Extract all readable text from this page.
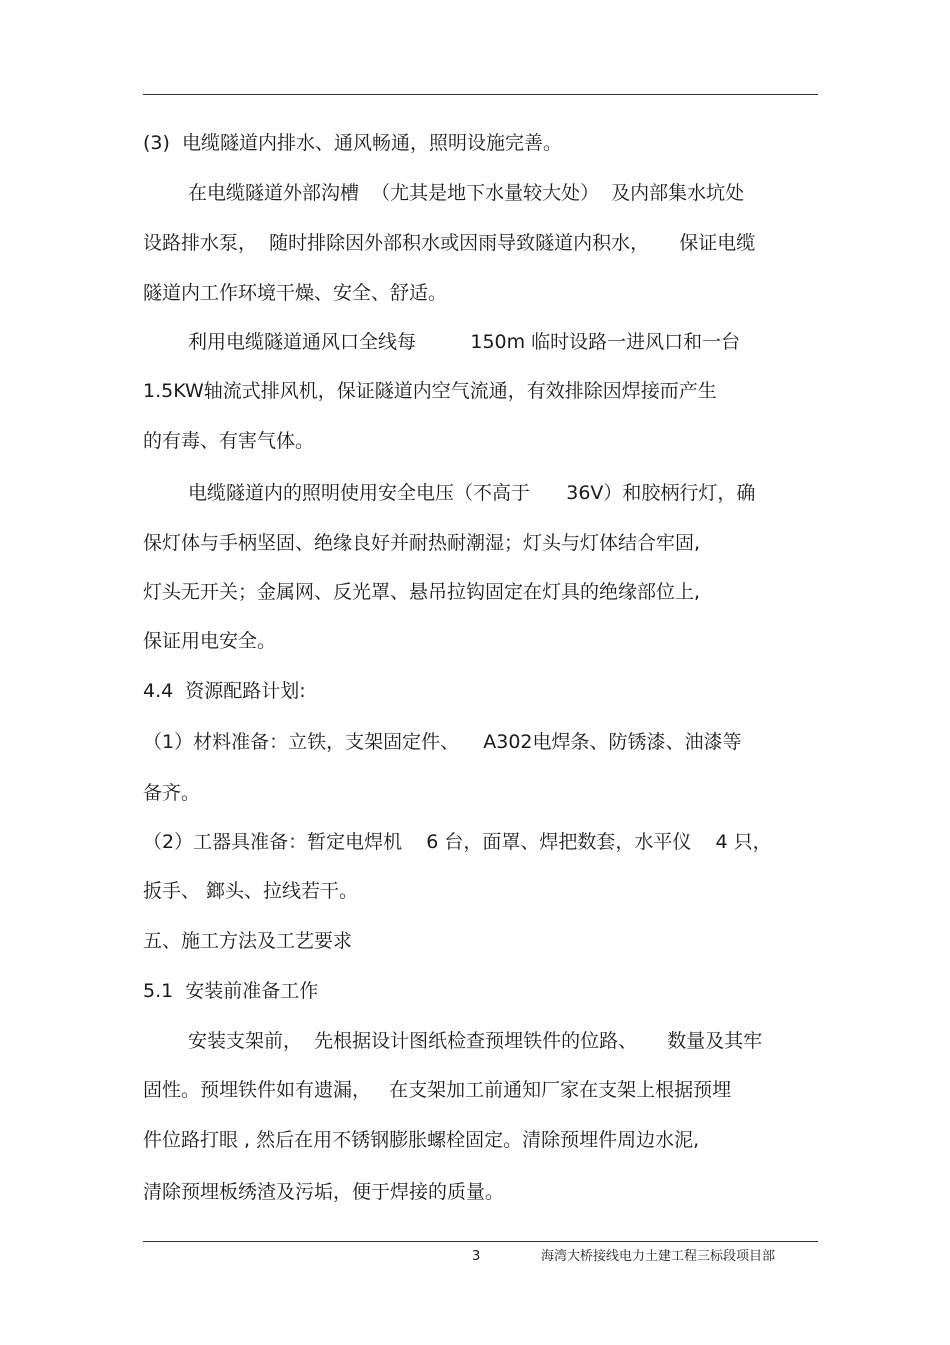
(3)  电缆隧道内排水、通风畅通，照明设施完善。
在电缆隧道外部沟槽  （尤其是地下水量较大处）  及内部集水坑处
设路排水泵，  随时排除因外部积水或因雨导致隧道内积水，     保证电缆
隧道内工作环境干燥、安全、舒适。
利用电缆隧道通风口全线每         150m 临时设路一进风口和一台
1.5KW轴流式排风机，保证隧道内空气流通，有效排除因焊接而产生
的有毒、有害气体。
电缆隧道内的照明使用安全电压（不高于      36V）和胶柄行灯，确
保灯体与手柄坚固、绝缘良好并耐热耐潮湿；灯头与灯体结合牢固,
灯头无开关；金属网、反光罩、悬吊拉钩固定在灯具的绝缘部位上,
保证用电安全。
4.4  资源配路计划:
（1）材料准备：立铁，支架固定件、    A302电焊条、防锈漆、油漆等
备齐。
（2）工器具准备：暂定电焊机    6 台，面罩、焊把数套，水平仪    4 只，
扳手、 鎯头、拉线若干。
五、施工方法及工艺要求
5.1  安装前准备工作
安装支架前，  先根据设计图纸检查预埋铁件的位路、     数量及其牢
固性。预埋铁件如有遗漏，   在支架加工前通知厂家在支架上根据预埋
件位路打眼 , 然后在用不锈钢膨胀螺栓固定。清除预埋件周边水泥,
清除预埋板绣渣及污垢，便于焊接的质量。
3	海湾大桥接线电力土建工程三标段项目部
